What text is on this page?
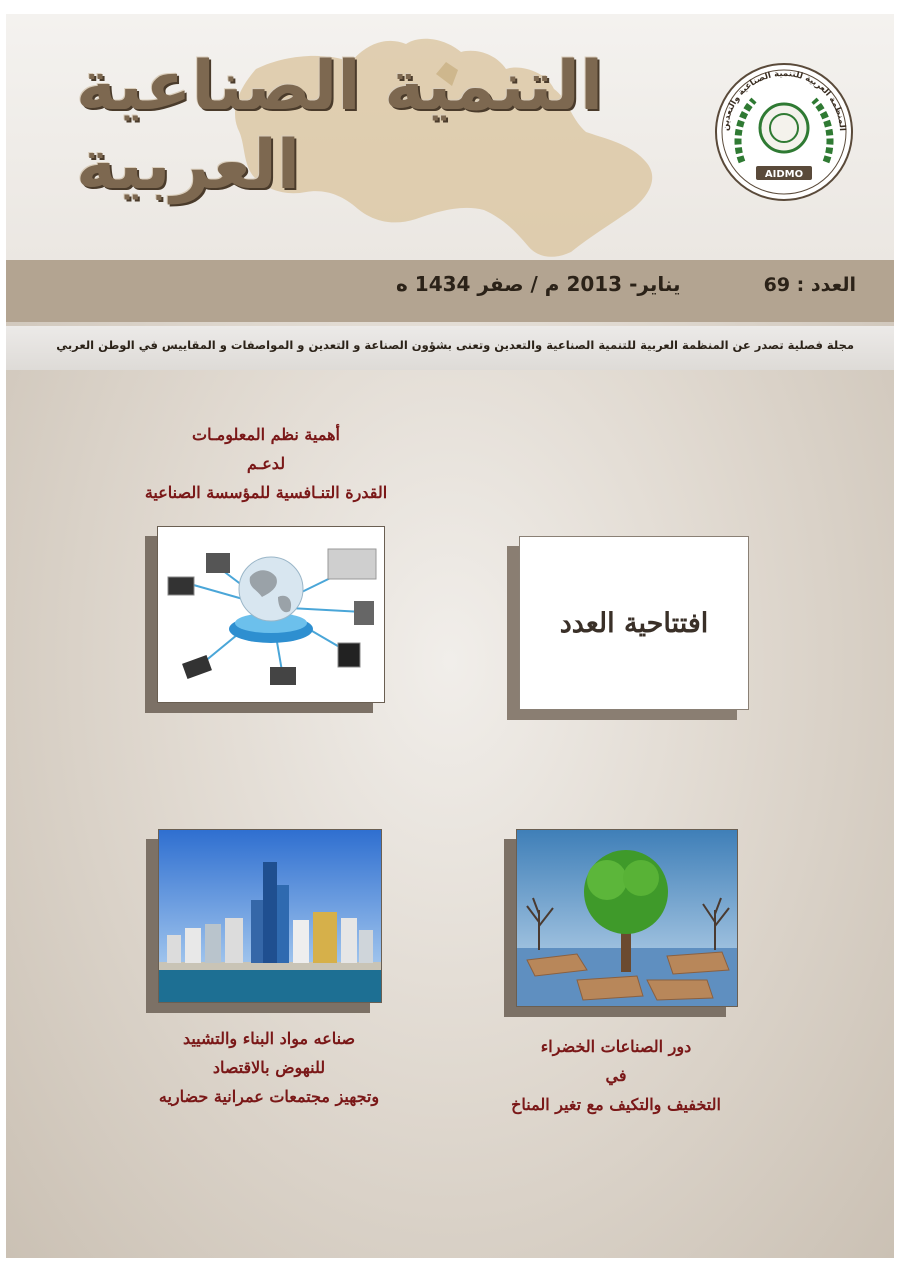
التنمية الصناعية العربية	المنظمة العربية للتنمية الصناعية والتعدين
AIDMO
يناير- 2013 م / صفر 1434 ه	العدد : 69
مجلة فصلية تصدر عن المنظمة العربية للتنمية الصناعية والتعدين وتعنى بشؤون الصناعة و التعدين و المواصفات و المقاييس في الوطن العربي
أهمية نظم المعلومـات
لدعـم
القدرة التنـافسية للمؤسسة الصناعية
افتتاحية العدد
صناعه مواد البناء والتشييد
للنهوض بالاقتصاد
وتجهيز مجتمعات عمرانية حضاريه
دور الصناعات الخضراء
في
التخفيف والتكيف مع تغير المناخ
